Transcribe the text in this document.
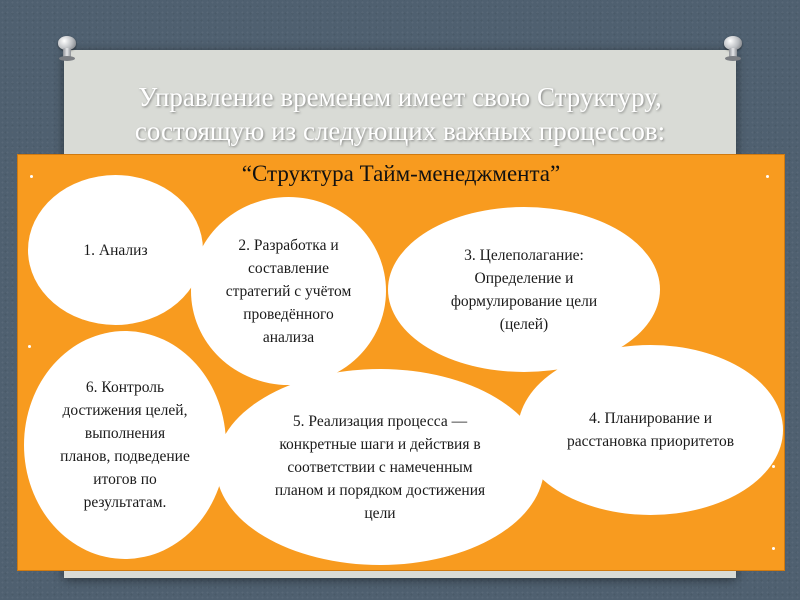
Управление временем имеет свою Структуру,
состоящую из следующих важных процессов:
“Структура Тайм-менеджмента”
1. Анализ	2. Разработка и составление стратегий с учётом проведённого анализа
3. Целеполагание: Определение и формулирование цели (целей)
6. Контроль достижения целей, выполнения планов, подведение итогов по результатам.
5. Реализация процесса — конкретные шаги и действия в соответствии с намеченным планом и порядком достижения цели
4. Планирование и расстановка приоритетов
